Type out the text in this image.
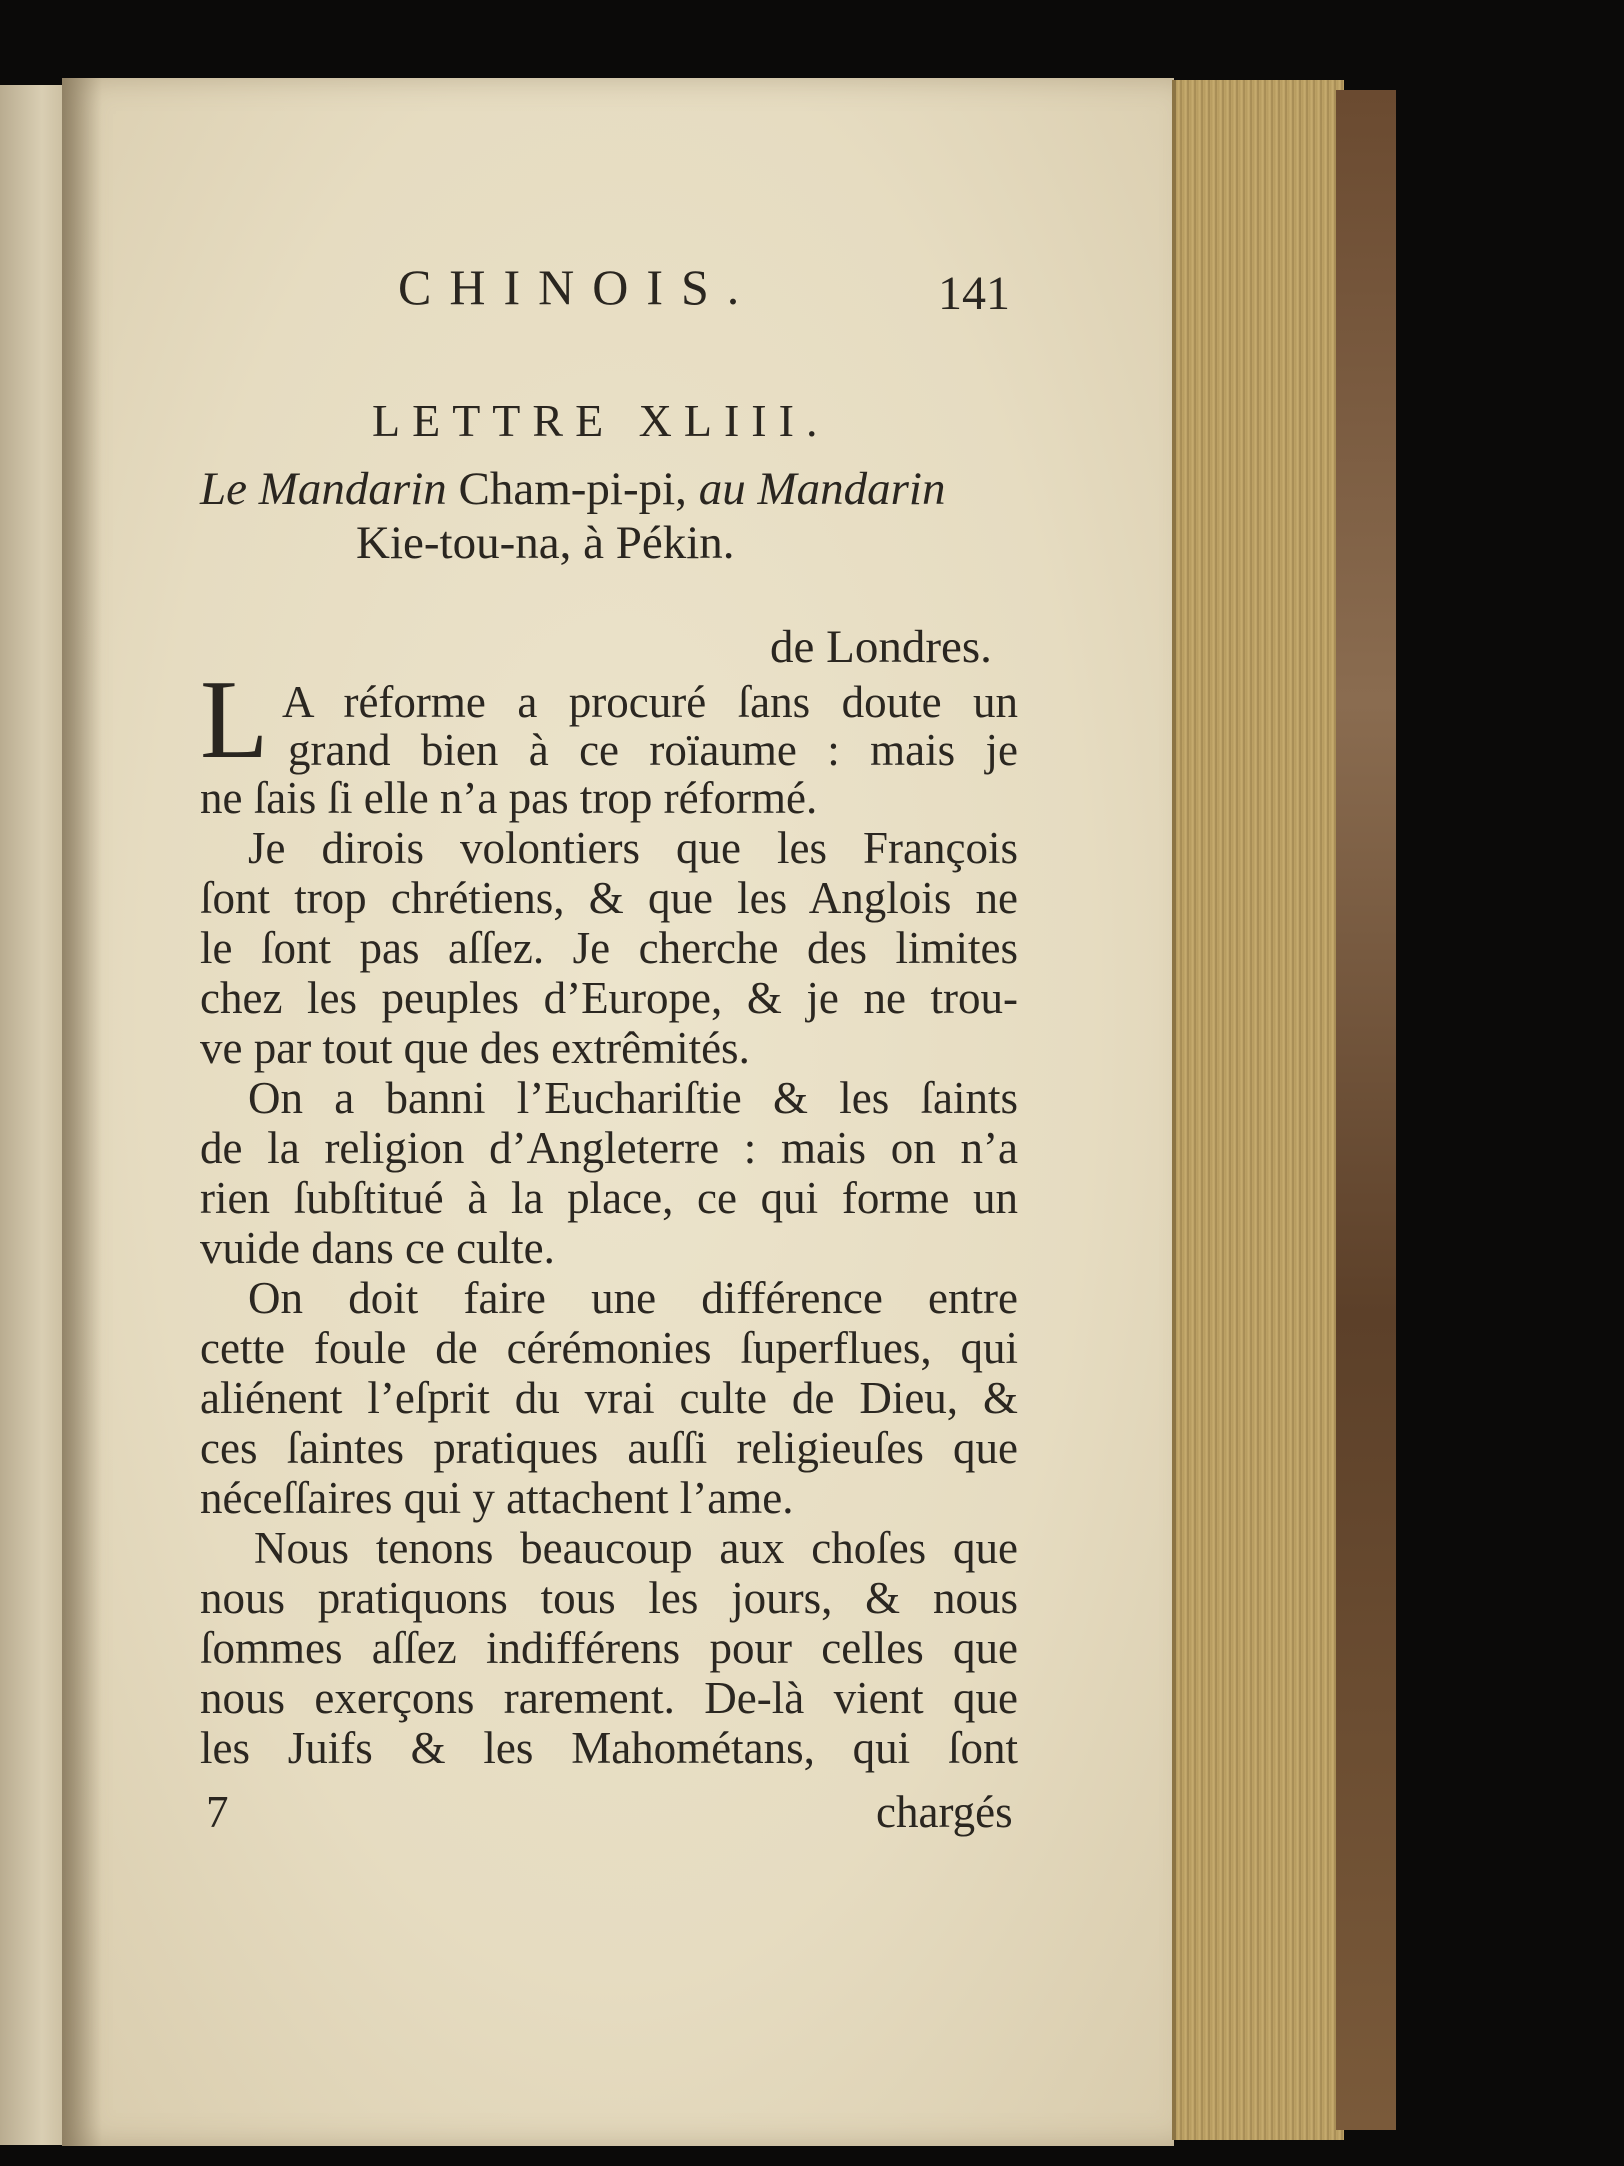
CHINOIS.	141
LETTRE XLIII.
Le Mandarin Cham-pi-pi, au Mandarin
Kie-tou-na, à Pékin.
de Londres.
L A réforme a procuré ſans doute un
grand bien à ce roïaume : mais je
ne ſais ſi elle n’a pas trop réformé.
Je dirois volontiers que les François
ſont trop chrétiens, & que les Anglois ne
le ſont pas aſſez. Je cherche des limites
chez les peuples d’Europe, & je ne trou-
ve par tout que des extrêmités.
On a banni l’Euchariſtie & les ſaints
de la religion d’Angleterre : mais on n’a
rien ſubſtitué à la place, ce qui forme un
vuide dans ce culte.
On doit faire une différence entre
cette foule de cérémonies ſuperflues, qui
aliénent l’eſprit du vrai culte de Dieu, &
ces ſaintes pratiques auſſi religieuſes que
néceſſaires qui y attachent l’ame.
Nous tenons beaucoup aux choſes que
nous pratiquons tous les jours, & nous
ſommes aſſez indifférens pour celles que
nous exerçons rarement. De-là vient que
les Juifs & les Mahométans, qui ſont
7	chargés
